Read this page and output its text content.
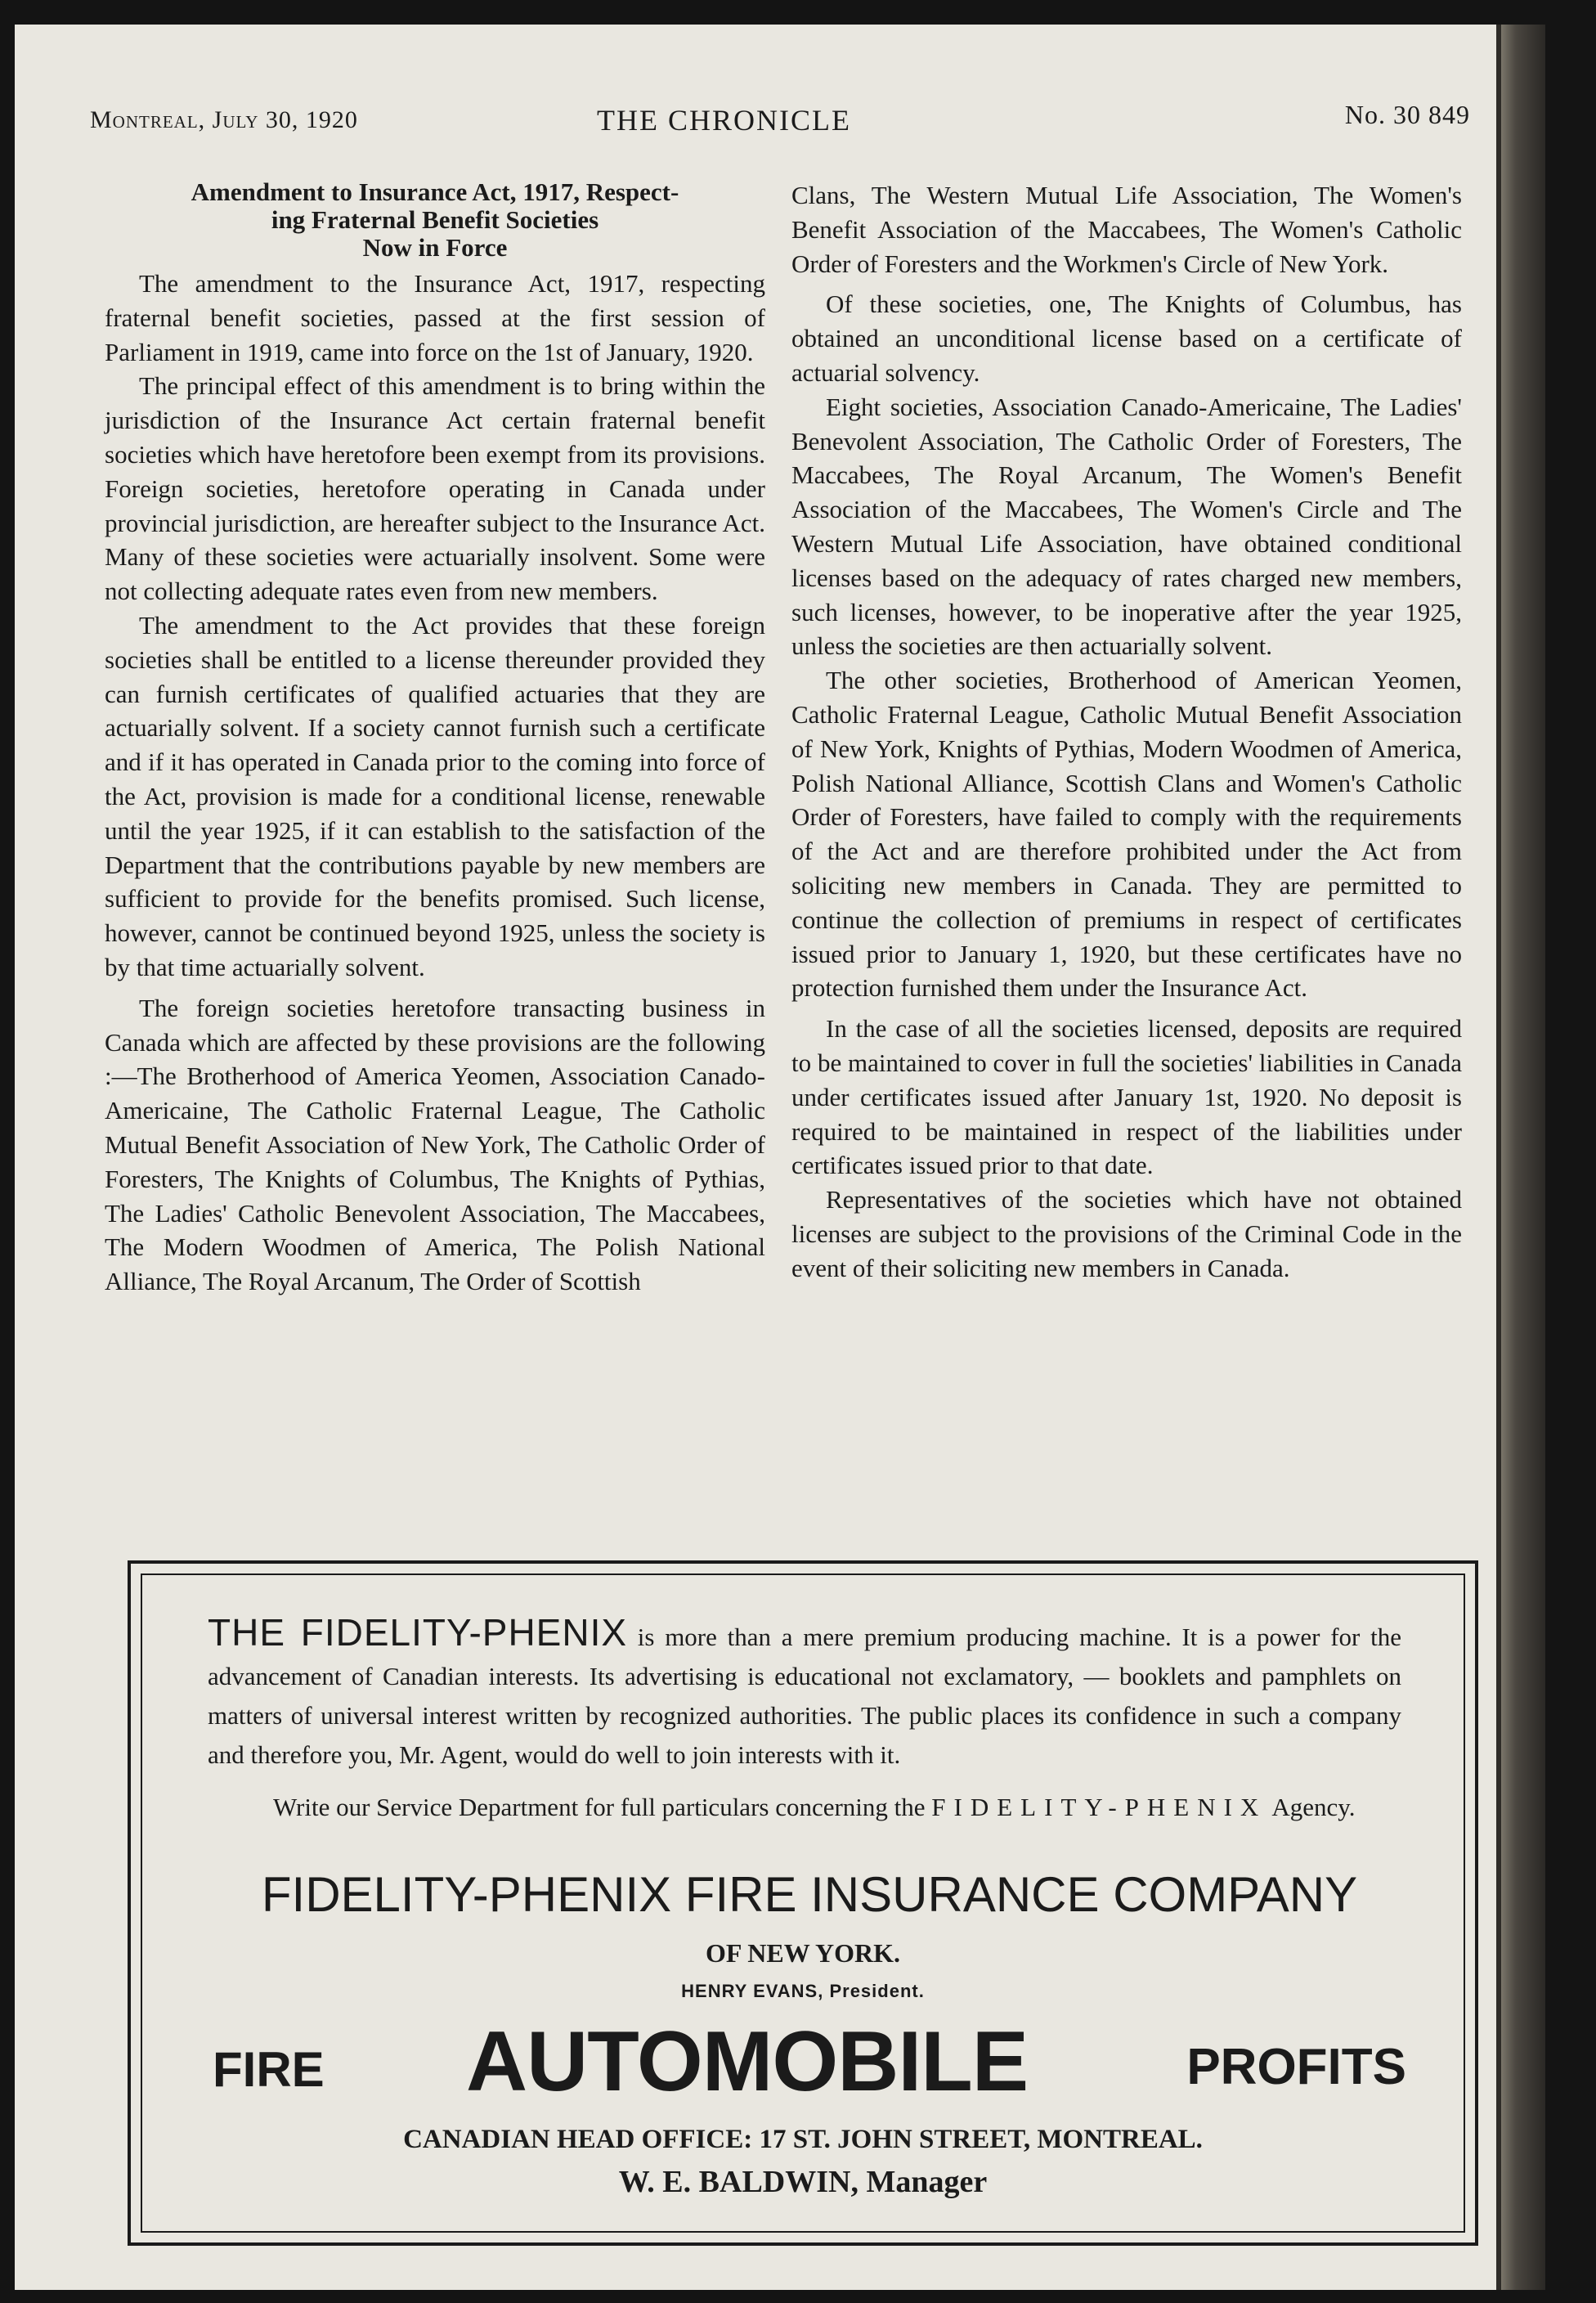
Montreal, July 30, 1920	THE CHRONICLE	No. 30 849
Amendment to Insurance Act, 1917, Respect-
ing Fraternal Benefit Societies
Now in Force

The amendment to the Insurance Act, 1917, respecting fraternal benefit societies, passed at the first session of Parliament in 1919, came into force on the 1st of January, 1920.

The principal effect of this amendment is to bring within the jurisdiction of the Insurance Act certain fraternal benefit societies which have heretofore been exempt from its provisions. Foreign societies, heretofore operating in Canada under provincial jurisdiction, are hereafter subject to the Insurance Act. Many of these societies were actuarially insolvent. Some were not collecting adequate rates even from new members.

The amendment to the Act provides that these foreign societies shall be entitled to a license thereunder provided they can furnish certificates of qualified actuaries that they are actuarially solvent. If a society cannot furnish such a certificate and if it has operated in Canada prior to the coming into force of the Act, provision is made for a conditional license, renewable until the year 1925, if it can establish to the satisfaction of the Department that the contributions payable by new members are sufficient to provide for the benefits promised. Such license, however, cannot be continued beyond 1925, unless the society is by that time actuarially solvent.

The foreign societies heretofore transacting business in Canada which are affected by these provisions are the following :—The Brotherhood of America Yeomen, Association Canado-Americaine, The Catholic Fraternal League, The Catholic Mutual Benefit Association of New York, The Catholic Order of Foresters, The Knights of Columbus, The Knights of Pythias, The Ladies' Catholic Benevolent Association, The Maccabees, The Modern Woodmen of America, The Polish National Alliance, The Royal Arcanum, The Order of Scottish

Clans, The Western Mutual Life Association, The Women's Benefit Association of the Maccabees, The Women's Catholic Order of Foresters and the Workmen's Circle of New York.

Of these societies, one, The Knights of Columbus, has obtained an unconditional license based on a certificate of actuarial solvency.

Eight societies, Association Canado-Americaine, The Ladies' Benevolent Association, The Catholic Order of Foresters, The Maccabees, The Royal Arcanum, The Women's Benefit Association of the Maccabees, The Women's Circle and The Western Mutual Life Association, have obtained conditional licenses based on the adequacy of rates charged new members, such licenses, however, to be inoperative after the year 1925, unless the societies are then actuarially solvent.

The other societies, Brotherhood of American Yeomen, Catholic Fraternal League, Catholic Mutual Benefit Association of New York, Knights of Pythias, Modern Woodmen of America, Polish National Alliance, Scottish Clans and Women's Catholic Order of Foresters, have failed to comply with the requirements of the Act and are therefore prohibited under the Act from soliciting new members in Canada. They are permitted to continue the collection of premiums in respect of certificates issued prior to January 1, 1920, but these certificates have no protection furnished them under the Insurance Act.

In the case of all the societies licensed, deposits are required to be maintained to cover in full the societies' liabilities in Canada under certificates issued after January 1st, 1920. No deposit is required to be maintained in respect of the liabilities under certificates issued prior to that date.

Representatives of the societies which have not obtained licenses are subject to the provisions of the Criminal Code in the event of their soliciting new members in Canada.

THE FIDELITY-PHENIX is more than a mere premium producing machine. It is a power for the advancement of Canadian interests. Its advertising is educational not exclamatory, — booklets and pamphlets on matters of universal interest written by recognized authorities. The public places its confidence in such a company and therefore you, Mr. Agent, would do well to join interests with it.

Write our Service Department for full particulars concerning the FIDELITY-PHENIX Agency.

FIDELITY-PHENIX FIRE INSURANCE COMPANY
OF NEW YORK.
HENRY EVANS, President.
FIRE AUTOMOBILE	PROFITS
CANADIAN HEAD OFFICE: 17 ST. JOHN STREET, MONTREAL.
W. E. BALDWIN, Manager
